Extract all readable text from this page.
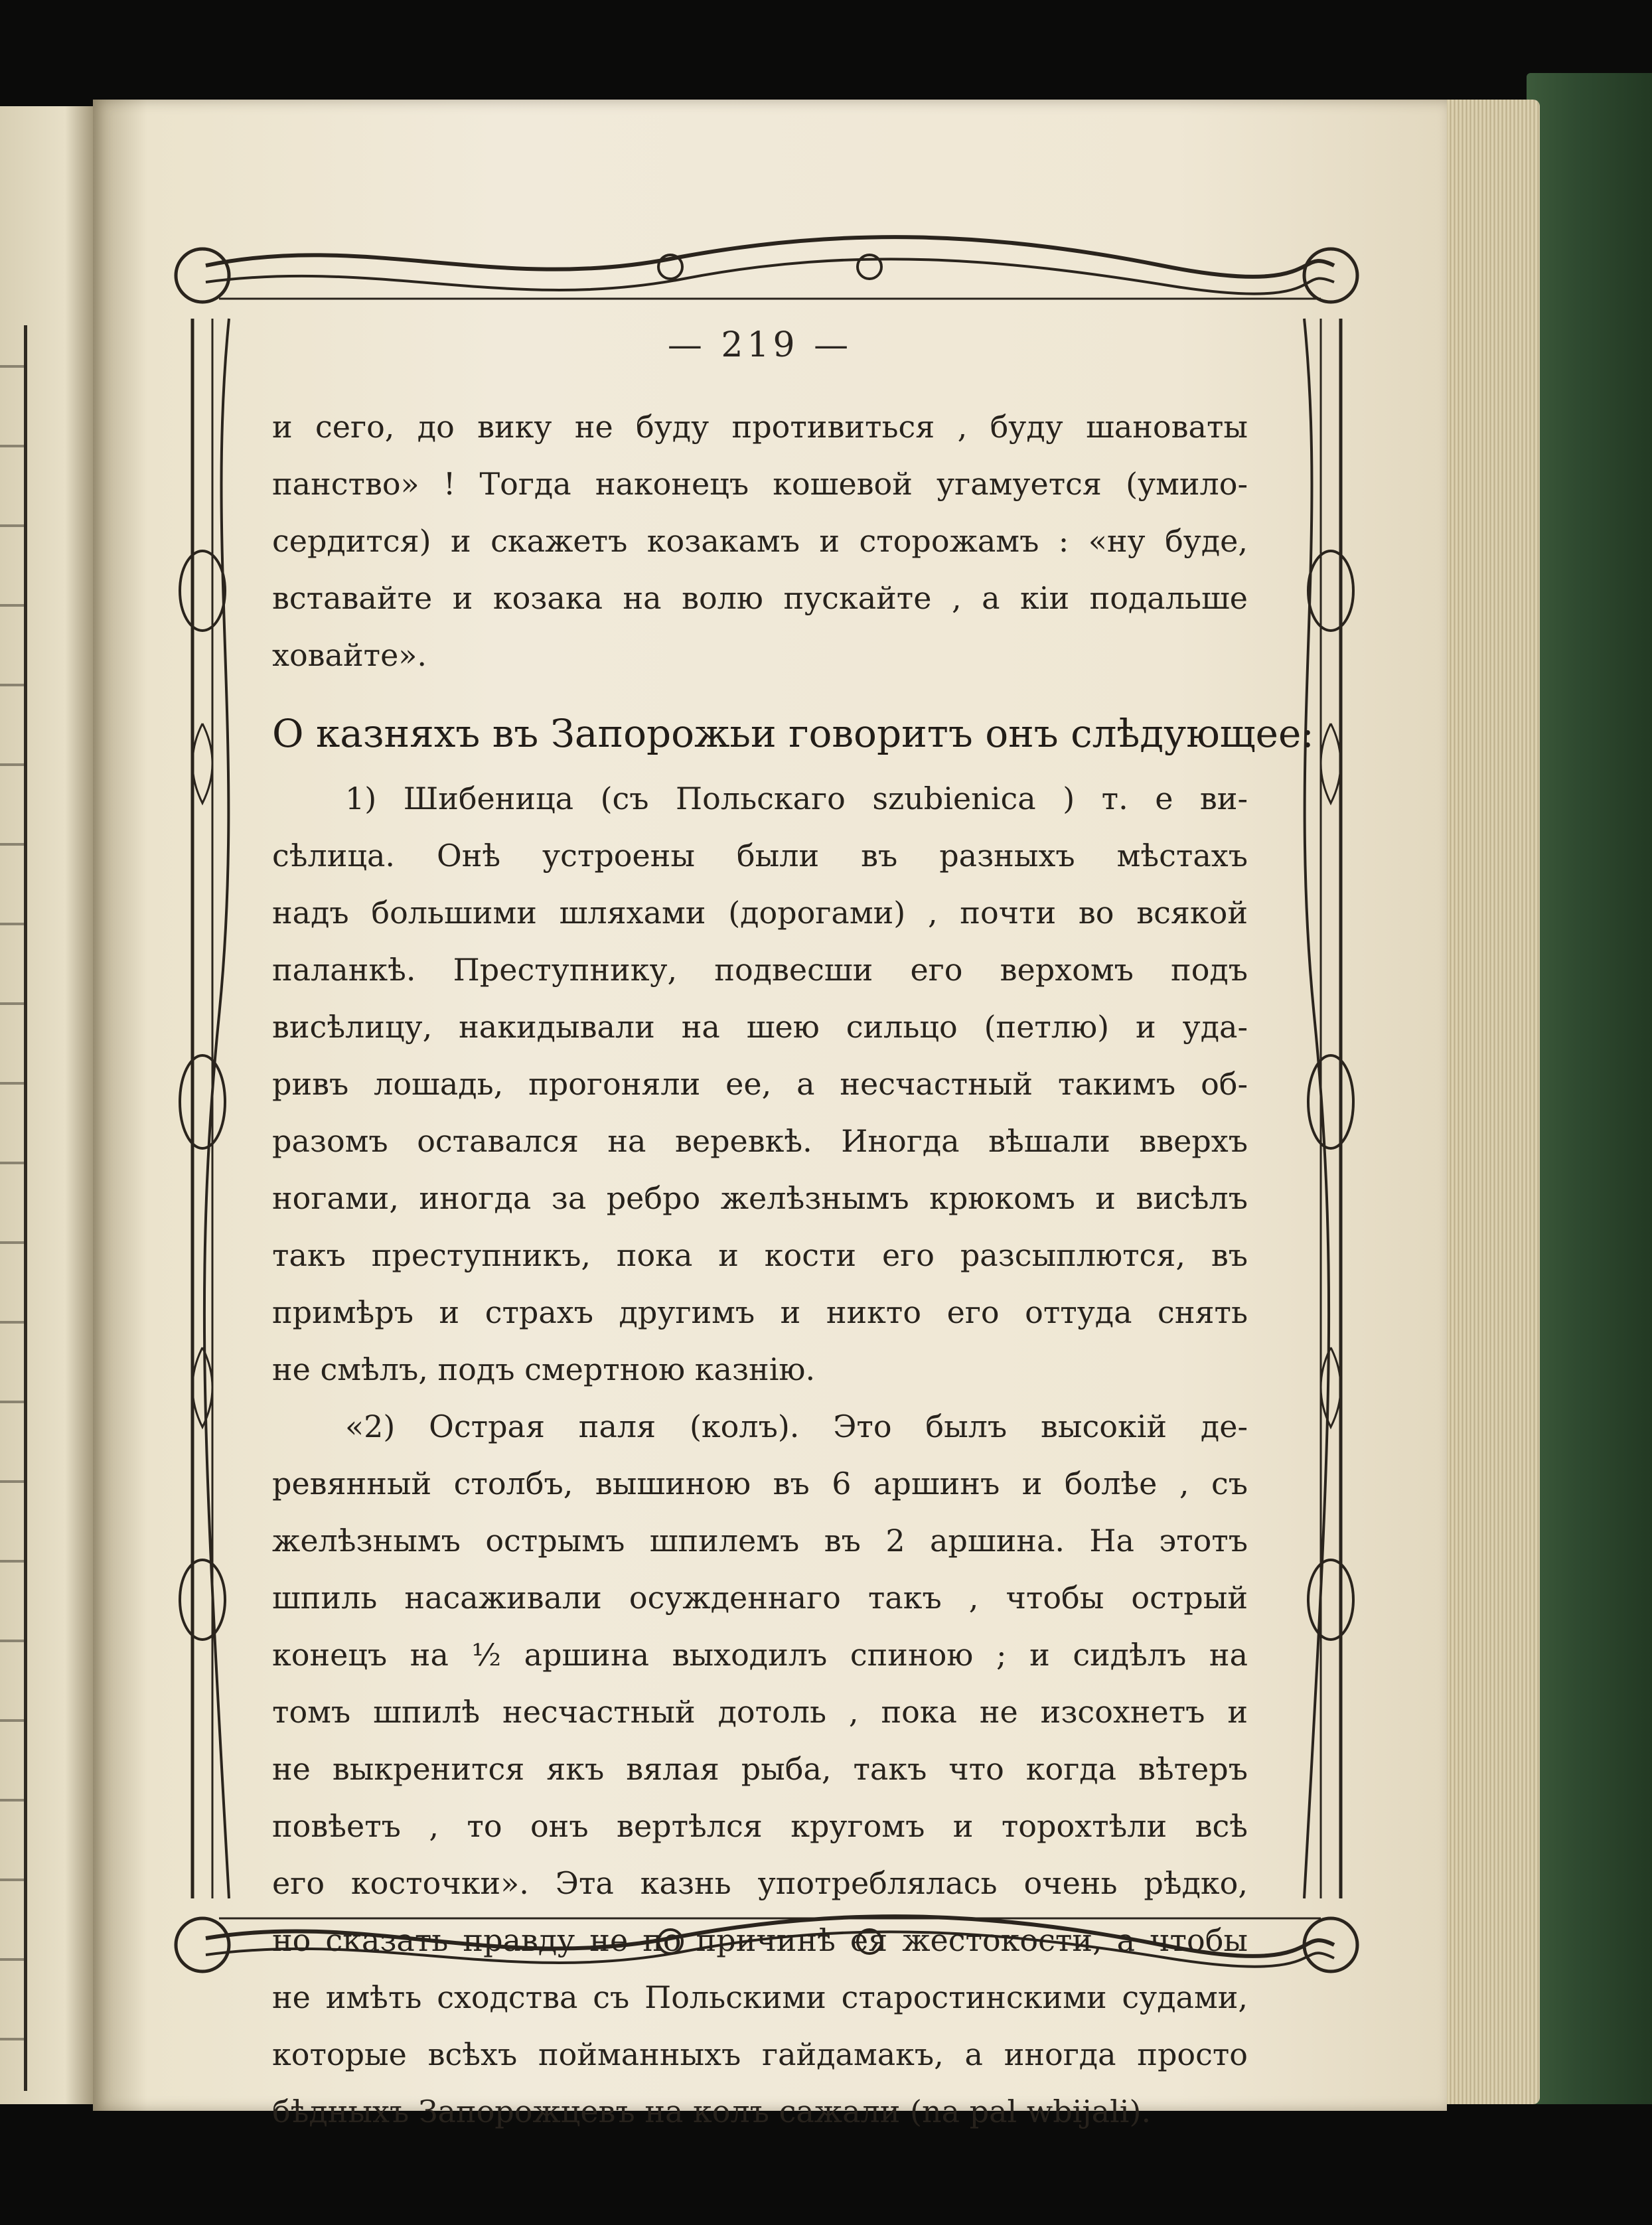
— 219 —
и сего, до вику не буду противиться , буду шановаты
панство» ! Тогда наконецъ кошевой угамуется (умило-
сердится) и скажетъ козакамъ и сторожамъ : «ну буде,
вставайте и козака на волю пускайте , а кіи подальше
ховайте».
О казняхъ въ Запорожьи говоритъ онъ слѣдующее:
1) Шибеница (съ Польскаго szubienica ) т. е ви-
сѣлица. Онѣ устроены были въ разныхъ мѣстахъ
надъ большими шляхами (дорогами) , почти во всякой
паланкѣ. Преступнику, подвесши его верхомъ подъ
висѣлицу, накидывали на шею сильцо (петлю) и уда-
ривъ лошадь, прогоняли ее, а несчастный такимъ об-
разомъ оставался на веревкѣ. Иногда вѣшали вверхъ
ногами, иногда за ребро желѣзнымъ крюкомъ и висѣлъ
такъ преступникъ, пока и кости его разсыплются, въ
примѣръ и страхъ другимъ и никто его оттуда снять
не смѣлъ, подъ смертною казнію.
«2) Острая паля (колъ). Это былъ высокій де-
ревянный столбъ, вышиною въ 6 аршинъ и болѣе , съ
желѣзнымъ острымъ шпилемъ въ 2 аршина. На этотъ
шпиль насаживали осужденнаго такъ , чтобы острый
конецъ на ½ аршина выходилъ спиною ; и сидѣлъ на
томъ шпилѣ несчастный дотоль , пока не изсохнетъ и
не выкренится якъ вялая рыба, такъ что когда вѣтеръ
повѣетъ , то онъ вертѣлся кругомъ и торохтѣли всѣ
его косточки». Эта казнь употреблялась очень рѣдко,
но сказать правду не по причинѣ ея жестокости, а чтобы
не имѣть сходства съ Польскими старостинскими судами,
которые всѣхъ пойманныхъ гайдамакъ, а иногда просто
бѣдныхъ Запорожцевъ на колъ сажали (na pal wbijali).
